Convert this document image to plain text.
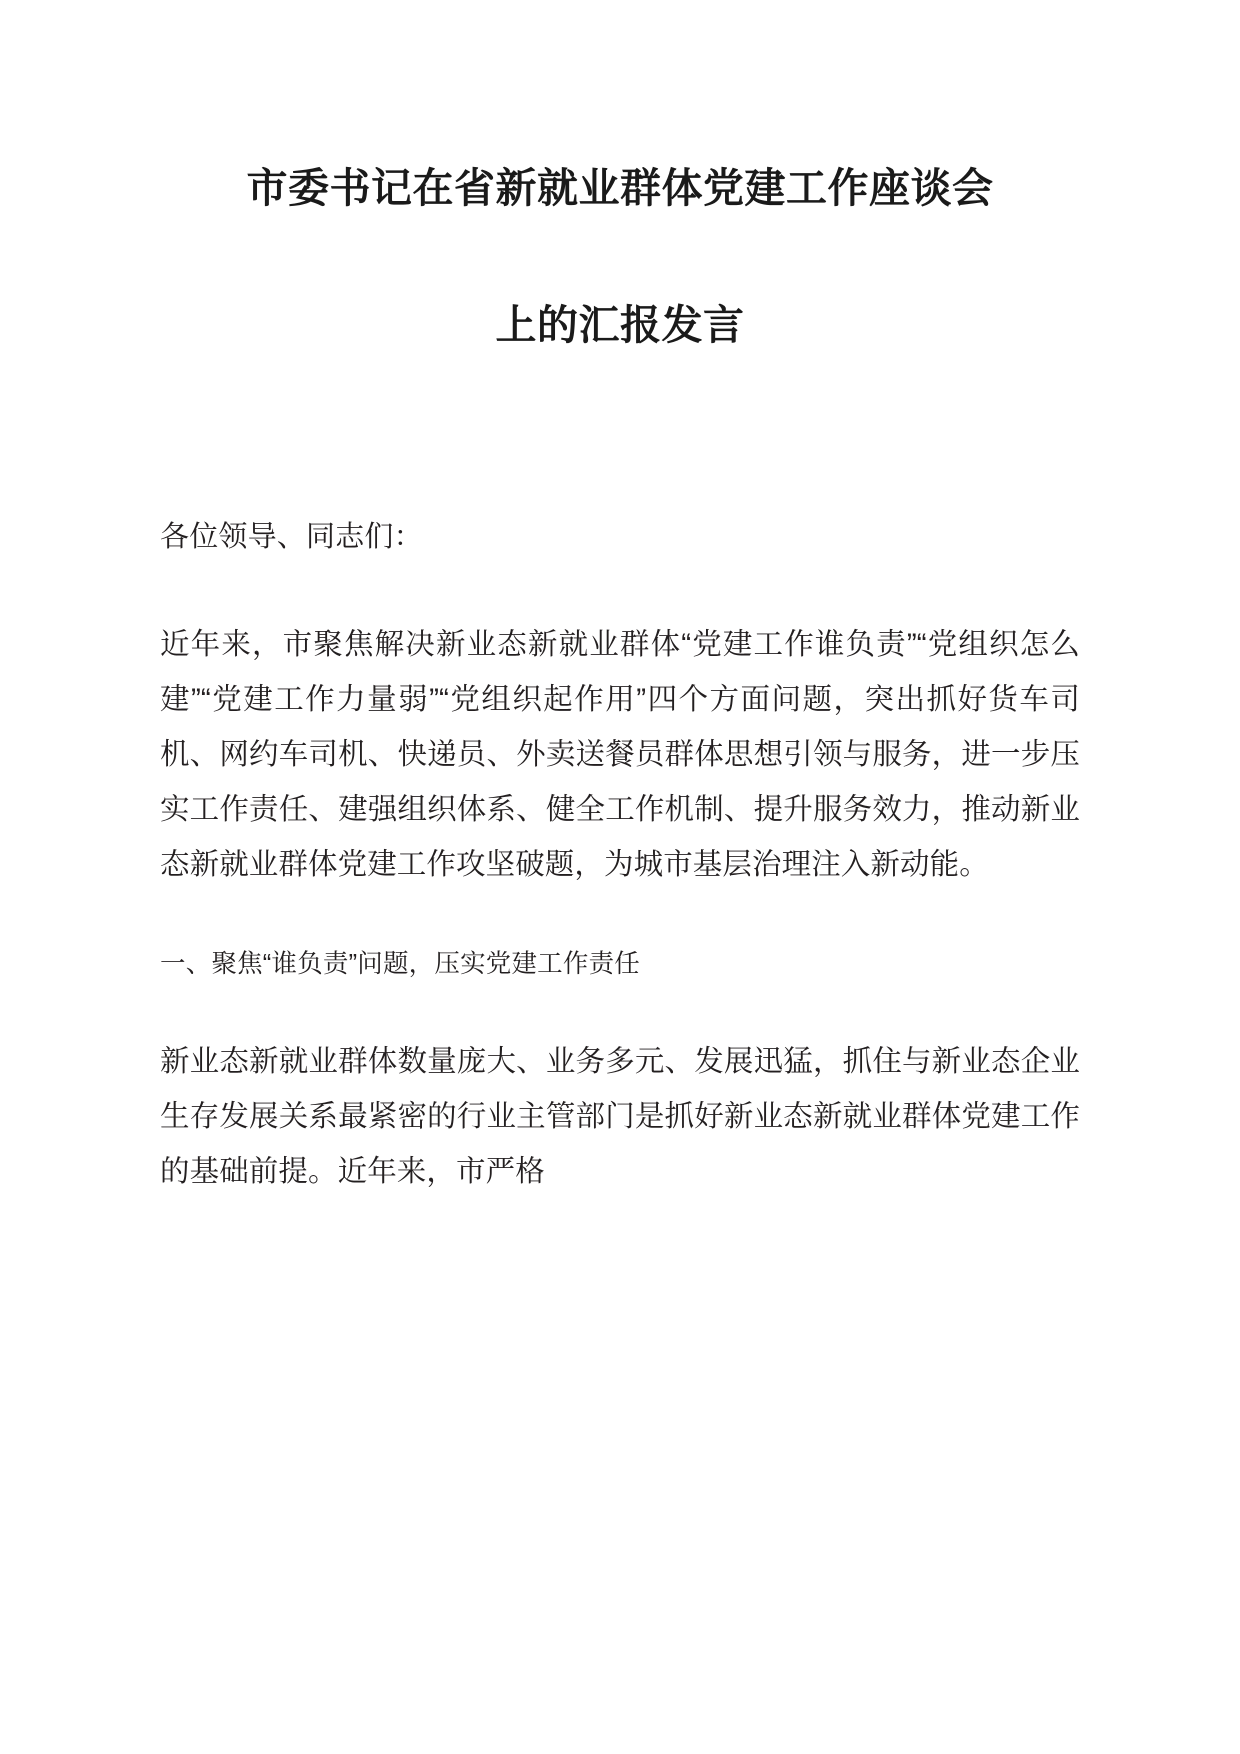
市委书记在省新就业群体党建工作座谈会
上的汇报发言

各位领导、同志们：

近年来，市聚焦解决新业态新就业群体“党建工作谁负责”“党组织怎么建”“党建工作力量弱”“党组织起作用”四个方面问题，突出抓好货车司机、网约车司机、快递员、外卖送餐员群体思想引领与服务，进一步压实工作责任、建强组织体系、健全工作机制、提升服务效力，推动新业态新就业群体党建工作攻坚破题，为城市基层治理注入新动能。

一、聚焦“谁负责”问题，压实党建工作责任

新业态新就业群体数量庞大、业务多元、发展迅猛，抓住与新业态企业生存发展关系最紧密的行业主管部门是抓好新业态新就业群体党建工作的基础前提。近年来，市严格
